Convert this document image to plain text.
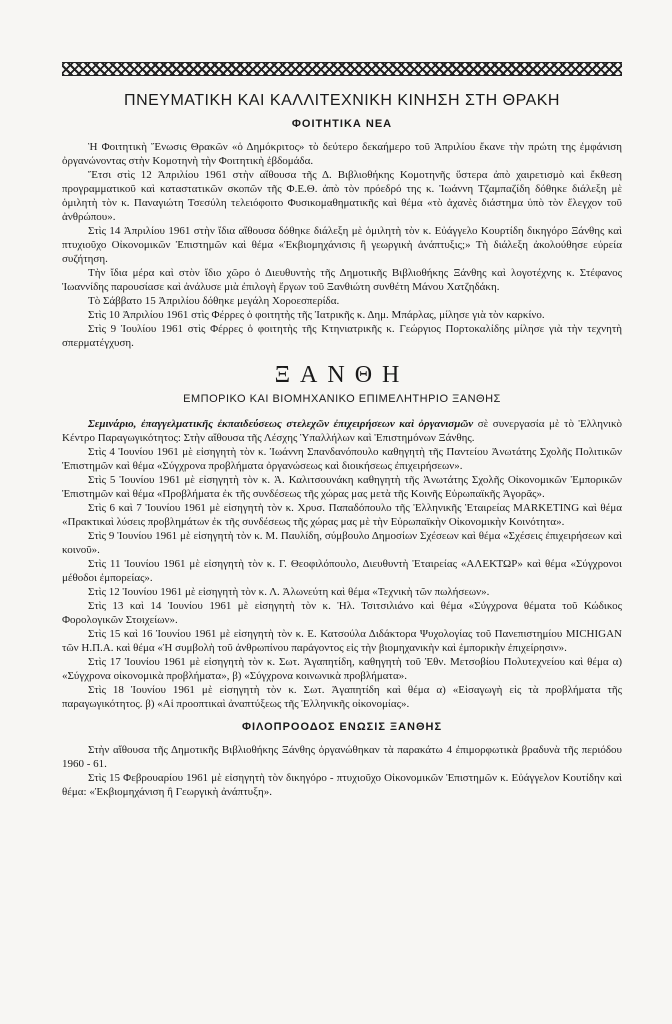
ΠΝΕΥΜΑΤΙΚΗ ΚΑΙ ΚΑΛΛΙΤΕΧΝΙΚΗ ΚΙΝΗΣΗ ΣΤΗ ΘΡΑΚΗ
ΦΟΙΤΗΤΙΚΑ ΝΕΑ

Ἡ Φοιτητικὴ Ἕνωσις Θρακῶν «ὁ Δημόκριτος» τὸ δεύτερο δεκαήμερο τοῦ Ἀπριλίου ἔκανε τὴν πρώτη της ἐμφάνιση ὀργανώνοντας στὴν Κομοτηνὴ τὴν Φοιτητικὴ ἑβδομάδα.

Ἔτσι στὶς 12 Ἀπριλίου 1961 στὴν αἴθουσα τῆς Δ. Βιβλιοθήκης Κομοτηνῆς ὕστερα ἀπὸ χαιρετισμὸ καὶ ἔκθεση προγραμματικοῦ καὶ καταστατικῶν σκοπῶν τῆς Φ.Ε.Θ. ἀπὸ τὸν πρόεδρό της κ. Ἰωάννη Τζαμπαζίδη δόθηκε διάλεξη μὲ ὁμιλητὴ τὸν κ. Παναγιώτη Τσεσύλη τελειόφοιτο Φυσικομαθηματικῆς καὶ θέμα «τὸ ἀχανὲς διάστημα ὑπὸ τὸν ἔλεγχον τοῦ ἀνθρώπου».

Στὶς 14 Ἀπριλίου 1961 στὴν ἴδια αἴθουσα δόθηκε διάλεξη μὲ ὁμιλητὴ τὸν κ. Εὐάγγελο Κουρτίδη δικηγόρο Ξάνθης καὶ πτυχιοῦχο Οἰκονομικῶν Ἐπιστημῶν καὶ θέμα «Ἐκβιομηχάνισις ἢ γεωργικὴ ἀνάπτυξις;» Τὴ διάλεξη ἀκολούθησε εὐρεία συζήτηση.

Τὴν ἴδια μέρα καὶ στὸν ἴδιο χῶρο ὁ Διευθυντὴς τῆς Δημοτικῆς Βιβλιοθήκης Ξάνθης καὶ λογοτέχνης κ. Στέφανος Ἰωαννίδης παρουσίασε καὶ ἀνάλυσε μιὰ ἐπιλογὴ ἔργων τοῦ Ξανθιώτη συνθέτη Μάνου Χατζηδάκη.

Τὸ Σάββατο 15 Ἀπριλίου δόθηκε μεγάλη Χοροεσπερίδα.

Στὶς 10 Ἀπριλίου 1961 στὶς Φέρρες ὁ φοιτητὴς τῆς Ἰατρικῆς κ. Δημ. Μπάρλας, μίλησε γιὰ τὸν καρκίνο.

Στὶς 9 Ἰουλίου 1961 στὶς Φέρρες ὁ φοιτητὴς τῆς Κτηνιατρικῆς κ. Γεώργιος Πορτοκαλίδης μίλησε γιὰ τὴν τεχνητὴ σπερματέγχυση.

ΞΑΝΘΗ
ΕΜΠΟΡΙΚΟ ΚΑΙ ΒΙΟΜΗΧΑΝΙΚΟ ΕΠΙΜΕΛΗΤΗΡΙΟ ΞΑΝΘΗΣ

Σεμινάριο, ἐπαγγελματικῆς ἐκπαιδεύσεως στελεχῶν ἐπιχειρήσεων καὶ ὀργανισμῶν σὲ συνεργασία μὲ τὸ Ἑλληνικὸ Κέντρο Παραγωγικότητος: Στὴν αἴθουσα τῆς Λέσχης Ὑπαλλήλων καὶ Ἐπιστημόνων Ξάνθης.

Στὶς 4 Ἰουνίου 1961 μὲ εἰσηγητὴ τὸν κ. Ἰωάννη Σπανδανόπουλο καθηγητὴ τῆς Παντείου Ἀνωτάτης Σχολῆς Πολιτικῶν Ἐπιστημῶν καὶ θέμα «Σύγχρονα προβλήματα ὀργανώσεως καὶ διοικήσεως ἐπιχειρήσεων».

Στὶς 5 Ἰουνίου 1961 μὲ εἰσηγητὴ τὸν κ. Ἀ. Καλιτσουνάκη καθηγητὴ τῆς Ἀνωτάτης Σχολῆς Οἰκονομικῶν Ἐμπορικῶν Ἐπιστημῶν καὶ θέμα «Προβλήματα ἐκ τῆς συνδέσεως τῆς χώρας μας μετὰ τῆς Κοινῆς Εὐρωπαϊκῆς Ἀγορᾶς».

Στὶς 6 καὶ 7 Ἰουνίου 1961 μὲ εἰσηγητὴ τὸν κ. Χρυσ. Παπαδόπουλο τῆς Ἑλληνικῆς Ἑταιρείας MARKETING καὶ θέμα «Πρακτικαὶ λύσεις προβλημάτων ἐκ τῆς συνδέσεως τῆς χώρας μας μὲ τὴν Εὐρωπαϊκὴν Οἰκονομικὴν Κοινότητα».

Στὶς 9 Ἰουνίου 1961 μὲ εἰσηγητὴ τὸν κ. Μ. Παυλίδη, σύμβουλο Δημοσίων Σχέσεων καὶ θέμα «Σχέσεις ἐπιχειρήσεων καὶ κοινοῦ».

Στὶς 11 Ἰουνίου 1961 μὲ εἰσηγητὴ τὸν κ. Γ. Θεοφιλόπουλο, Διευθυντὴ Ἑταιρείας «ΑΛΕΚΤΩΡ» καὶ θέμα «Σύγχρονοι μέθοδοι ἐμπορείας».

Στὶς 12 Ἰουνίου 1961 μὲ εἰσηγητὴ τὸν κ. Λ. Ἀλωνεύτη καὶ θέμα «Τεχνικὴ τῶν πωλήσεων».

Στὶς 13 καὶ 14 Ἰουνίου 1961 μὲ εἰσηγητὴ τὸν κ. Ἠλ. Τσιτσιλιάνο καὶ θέμα «Σύγχρονα θέματα τοῦ Κώδικος Φορολογικῶν Στοιχείων».

Στὶς 15 καὶ 16 Ἰουνίου 1961 μὲ εἰσηγητὴ τὸν κ. Ε. Κατσούλα Διδάκτορα Ψυχολογίας τοῦ Πανεπιστημίου MICHIGAN τῶν Η.Π.Α. καὶ θέμα «Ἡ συμβολὴ τοῦ ἀνθρωπίνου παράγοντος εἰς τὴν βιομηχανικὴν καὶ ἐμπορικὴν ἐπιχείρησιν».

Στὶς 17 Ἰουνίου 1961 μὲ εἰσηγητὴ τὸν κ. Σωτ. Ἀγαπητίδη, καθηγητὴ τοῦ Ἐθν. Μετσοβίου Πολυτεχνείου καὶ θέμα α) «Σύγχρονα οἰκονομικὰ προβλήματα», β) «Σύγχρονα κοινωνικὰ προβλήματα».

Στὶς 18 Ἰουνίου 1961 μὲ εἰσηγητὴ τὸν κ. Σωτ. Ἀγαπητίδη καὶ θέμα α) «Εἰσαγωγὴ εἰς τὰ προβλήματα τῆς παραγωγικότητος. β) «Αἱ προοπτικαὶ ἀναπτύξεως τῆς Ἑλληνικῆς οἰκονομίας».

ΦΙΛΟΠΡΟΟΔΟΣ ΕΝΩΣΙΣ ΞΑΝΘΗΣ

Στὴν αἴθουσα τῆς Δημοτικῆς Βιβλιοθήκης Ξάνθης ὀργανώθηκαν τὰ παρακάτω 4 ἐπιμορφωτικὰ βραδυνὰ τῆς περιόδου 1960 - 61.

Στὶς 15 Φεβρουαρίου 1961 μὲ εἰσηγητὴ τὸν δικηγόρο - πτυχιοῦχο Οἰκονομικῶν Ἐπιστημῶν κ. Εὐάγγελον Κουτίδην καὶ θέμα: «Ἐκβιομηχάνιση ἢ Γεωργικὴ ἀνάπτυξη».
